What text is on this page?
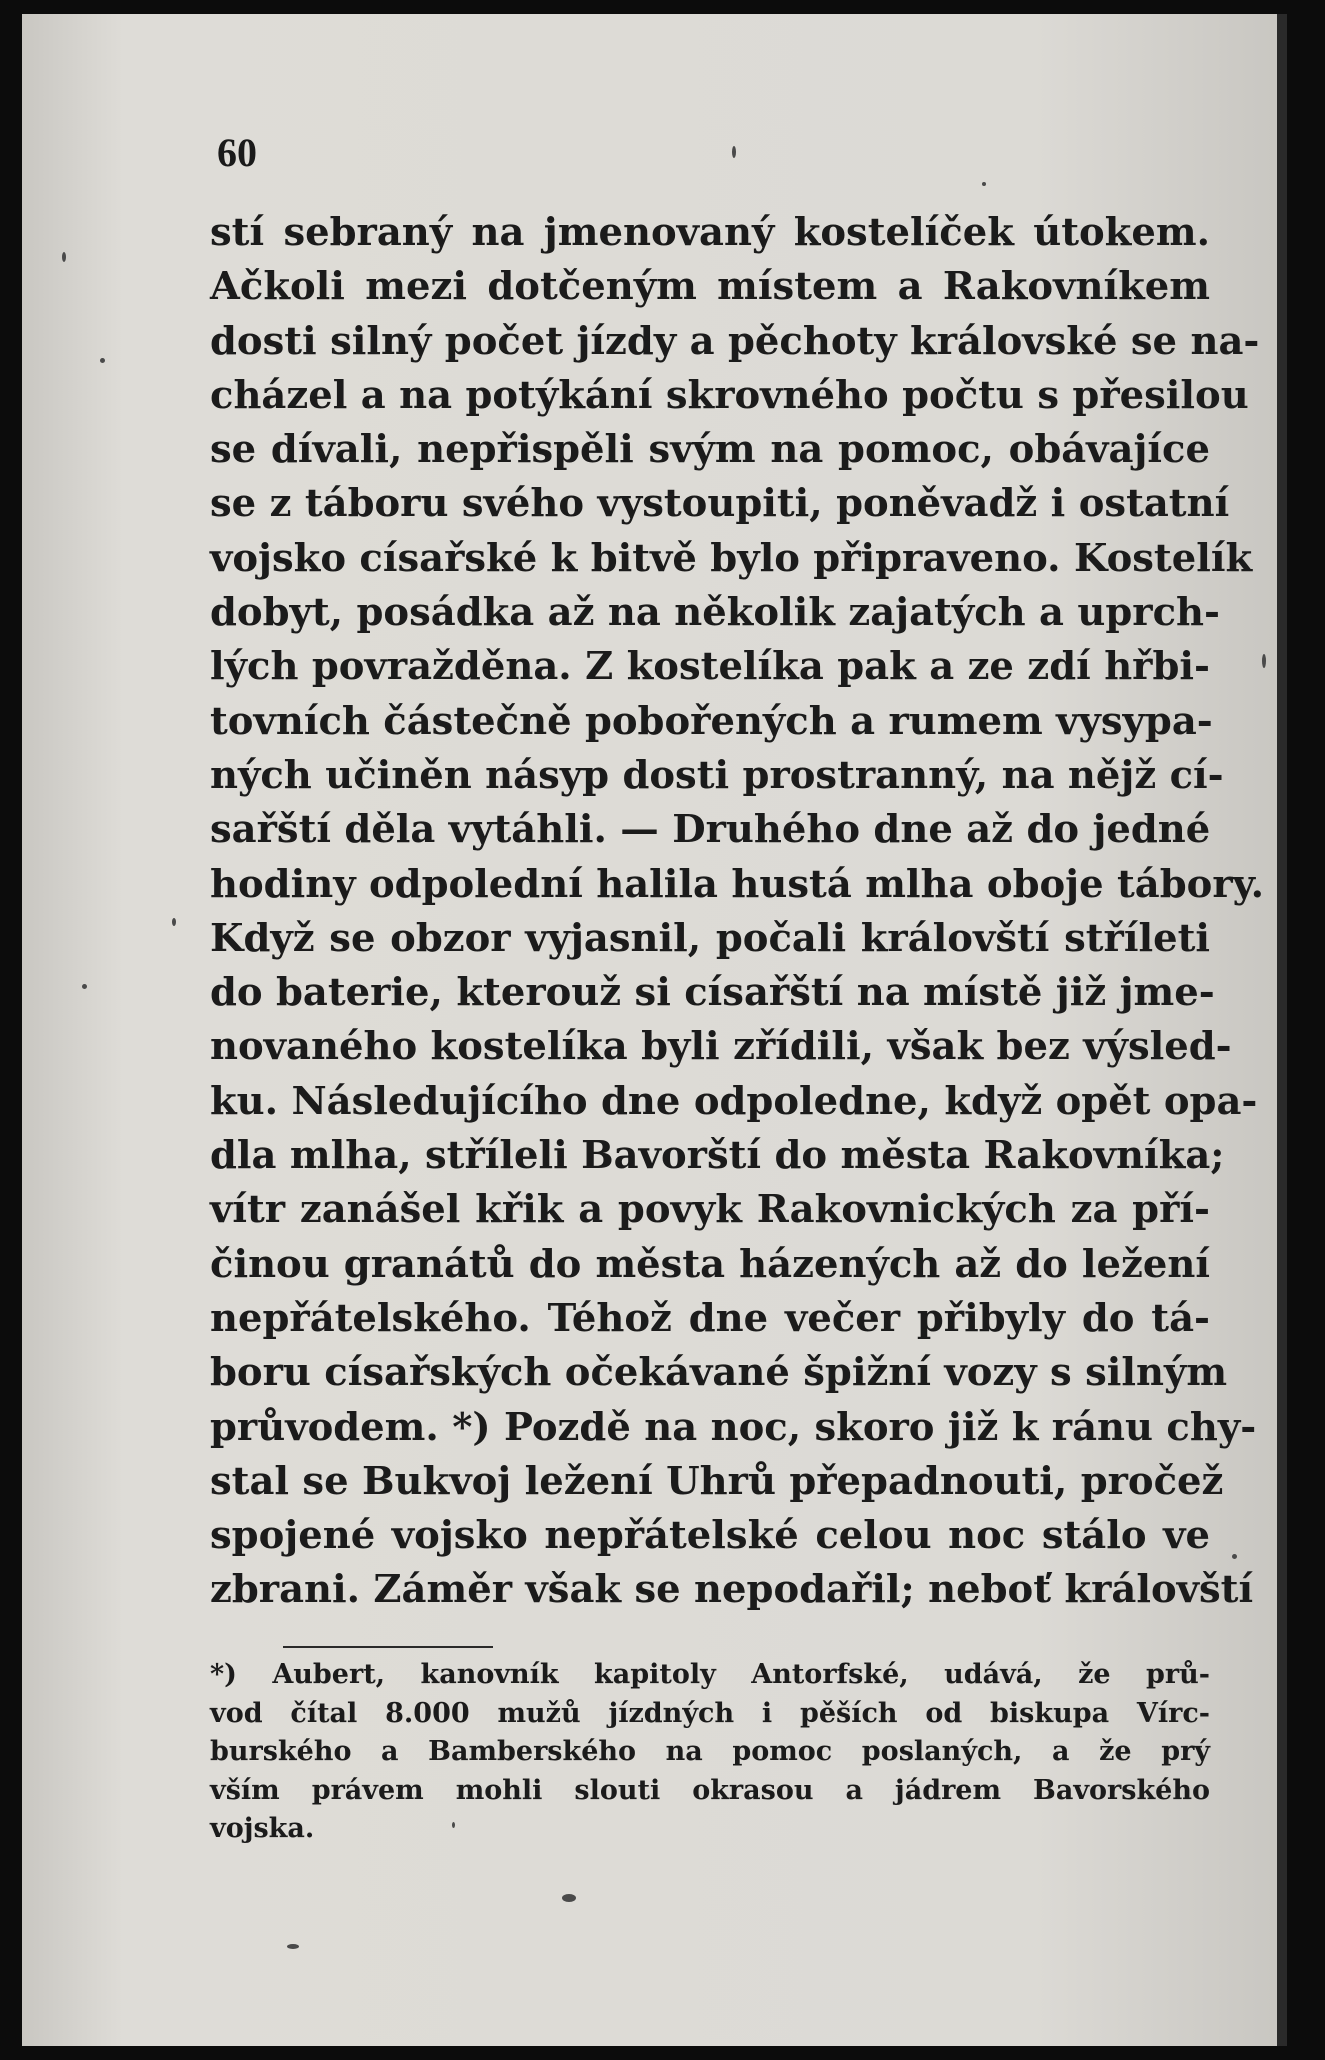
60
stí sebraný na jmenovaný kostelíček útokem.
Ačkoli mezi dotčeným místem a Rakovníkem
dosti silný počet jízdy a pěchoty královské se na-
cházel a na potýkání skrovného počtu s přesilou
se dívali, nepřispěli svým na pomoc, obávajíce
se z táboru svého vystoupiti, poněvadž i ostatní
vojsko císařské k bitvě bylo připraveno. Kostelík
dobyt, posádka až na několik zajatých a uprch-
lých povražděna. Z kostelíka pak a ze zdí hřbi-
tovních částečně pobořených a rumem vysypa-
ných učiněn násyp dosti prostranný, na nějž cí-
sařští děla vytáhli. — Druhého dne až do jedné
hodiny odpolední halila hustá mlha oboje tábory.
Když se obzor vyjasnil, počali královští stříleti
do baterie, kterouž si císařští na místě již jme-
novaného kostelíka byli zřídili, však bez výsled-
ku. Následujícího dne odpoledne, když opět opa-
dla mlha, stříleli Bavorští do města Rakovníka;
vítr zanášel křik a povyk Rakovnických za pří-
činou granátů do města házených až do ležení
nepřátelského. Téhož dne večer přibyly do tá-
boru císařských očekávané špižní vozy s silným
průvodem. *) Pozdě na noc, skoro již k ránu chy-
stal se Bukvoj ležení Uhrů přepadnouti, pročež
spojené vojsko nepřátelské celou noc stálo ve
zbrani. Záměr však se nepodařil; neboť královští
*) Aubert, kanovník kapitoly Antorfské, udává, že prů-
vod čítal 8.000 mužů jízdných i pěších od biskupa Vírc-
burského a Bamberského na pomoc poslaných, a že prý
vším právem mohli slouti okrasou a jádrem Bavorského
vojska.
